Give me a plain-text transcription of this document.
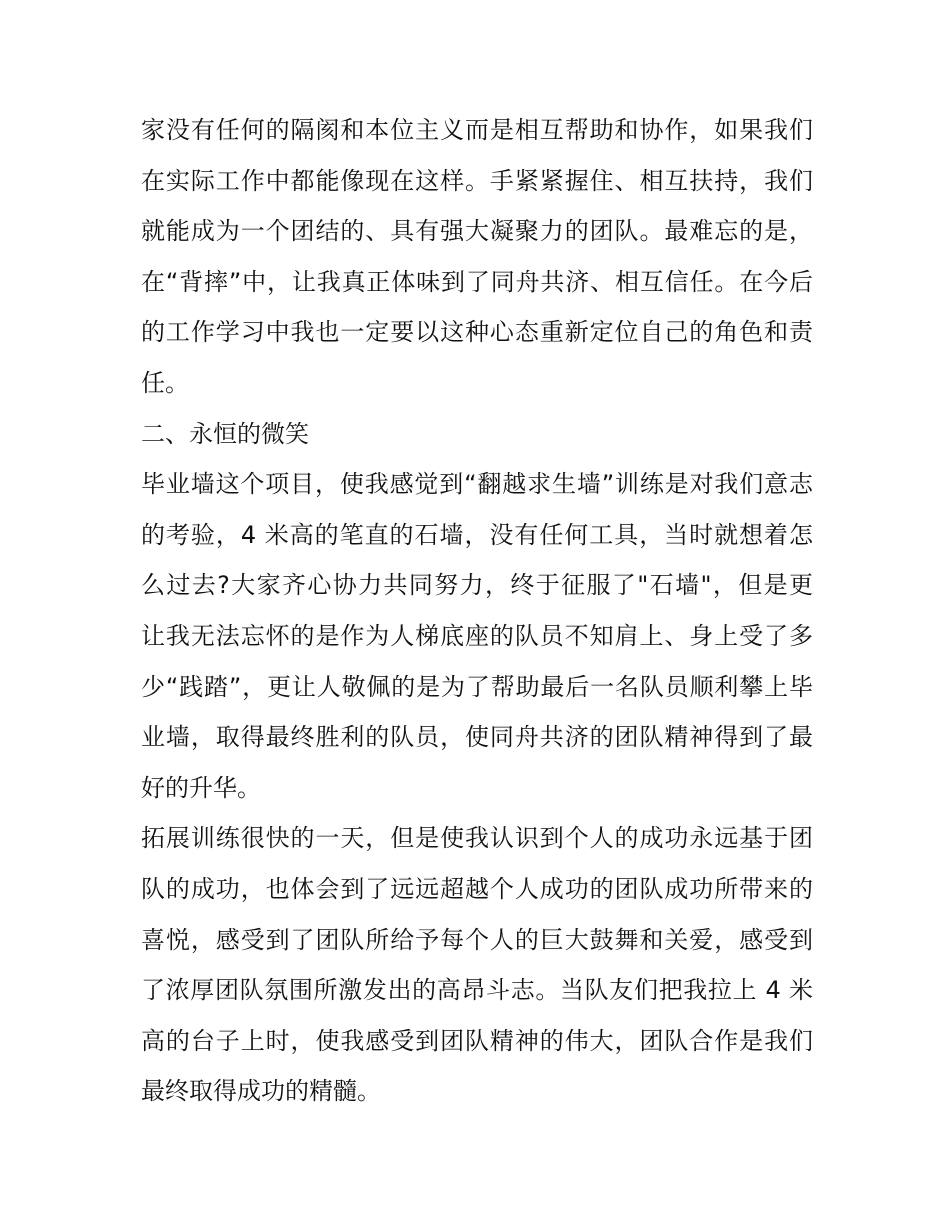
家没有任何的隔阂和本位主义而是相互帮助和协作，如果我们
在实际工作中都能像现在这样。手紧紧握住、相互扶持，我们
就能成为一个团结的、具有强大凝聚力的团队。最难忘的是，
在“背摔”中，让我真正体味到了同舟共济、相互信任。在今后
的工作学习中我也一定要以这种心态重新定位自己的角色和责
任。
二、永恒的微笑
毕业墙这个项目，使我感觉到“翻越求生墙”训练是对我们意志
的考验，4 米高的笔直的石墙，没有任何工具，当时就想着怎
么过去?大家齐心协力共同努力，终于征服了"石墙"，但是更
让我无法忘怀的是作为人梯底座的队员不知肩上、身上受了多
少“践踏”，更让人敬佩的是为了帮助最后一名队员顺利攀上毕
业墙，取得最终胜利的队员，使同舟共济的团队精神得到了最
好的升华。
拓展训练很快的一天，但是使我认识到个人的成功永远基于团
队的成功，也体会到了远远超越个人成功的团队成功所带来的
喜悦，感受到了团队所给予每个人的巨大鼓舞和关爱，感受到
了浓厚团队氛围所激发出的高昂斗志。当队友们把我拉上 4 米
高的台子上时，使我感受到团队精神的伟大，团队合作是我们
最终取得成功的精髓。
